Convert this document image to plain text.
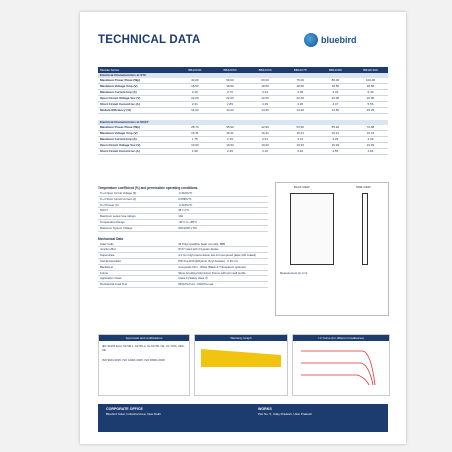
TECHNICAL DATA	bluebird
Module Series	BB12C40	BB12C50	BB12C60	BB12C75	BB12C80	BB12C100
Electrical Characteristics at STC
Maximum Power Pmax (Wp)	40.00	50.00	60.00	75.00	80.00	100.00
Maximum Voltage Vmp (V)	18.50	18.50	18.50	18.50	18.50	18.50
Maximum Current Imp (A)	2.16	2.70	3.24	4.05	4.32	5.40
Open Circuit Voltage Voc (V)	22.00	22.00	22.00	22.00	22.00	22.00
Short Circuit Current Isc (A)	2.31	2.89	3.39	4.20	4.47	5.56
Module Efficiency (%)	14.03	14.03	14.25	14.40	14.50	15.25
Electrical Characteristics at NOCT
Maximum Power Pmax (Wp)	28.74	35.90	42.96	53.50	55.20	72.08
Maximum Voltage Vmp (V)	16.41	16.41	16.41	16.41	16.41	16.41
Maximum Current Imp (A)	1.75	2.18	2.61	3.31	3.29	4.39
Open Circuit Voltage Voc (V)	19.93	19.93	19.93	19.93	19.93	19.93
Short Circuit Current Isc (A)	1.98	2.39	3.10	3.30	3.55	4.81
Temperature coefficient (%) and permissible operating conditions.
% of Open Circuit Voltage (β)	-0.310%/°K
% of Short Circuit Current (α)	0.059%/°K
% of Power (δ)	-0.415%/°K
NOCT	45 ± 2°C
Maximum series fuse ratings	10A
Temperature Range	-40°C to +85°C
Maximum System Voltage	600/1000 V DC
Mechanical Data
Solar Cells	36 Polycrystalline Solar cut cells, 5BB
Junction Box	IP 67 rated with 2 bypass diodes
Superstrate	3.2 mm high transmission low iron tempered glass (AR coated)
Cell Encapsulant	PID free EVA (Ethylene Vinyl Acetate) - 0.45 mm
Backsheet	Composite Film - White (Black & Transparent optional)
Frame	Silver Anodized Aluminium Frame with twin wall profile
Application Class	Class A (Safety class II)
Mechanical Load Test	5400 Pa front / 2400 Pa rear
BACK VIEW	SIDE VIEW
Measurement (in mm)
Approvals and certifications
IEC 61215 Ed.2, 61730-1, 61730-2, UL 61730, CE, UL 1703, CEC, CE
ISO 9001:2015, ISO 14001:2015, ISO 45001:2018
Warranty Graph	I-V Curve (for different irradiances)
CORPORATE OFFICE
Bluebird Solar, Industrial Area, New Delhi
WORKS
Plot No. 5, Uday Pradesh, Uttar Pradesh
